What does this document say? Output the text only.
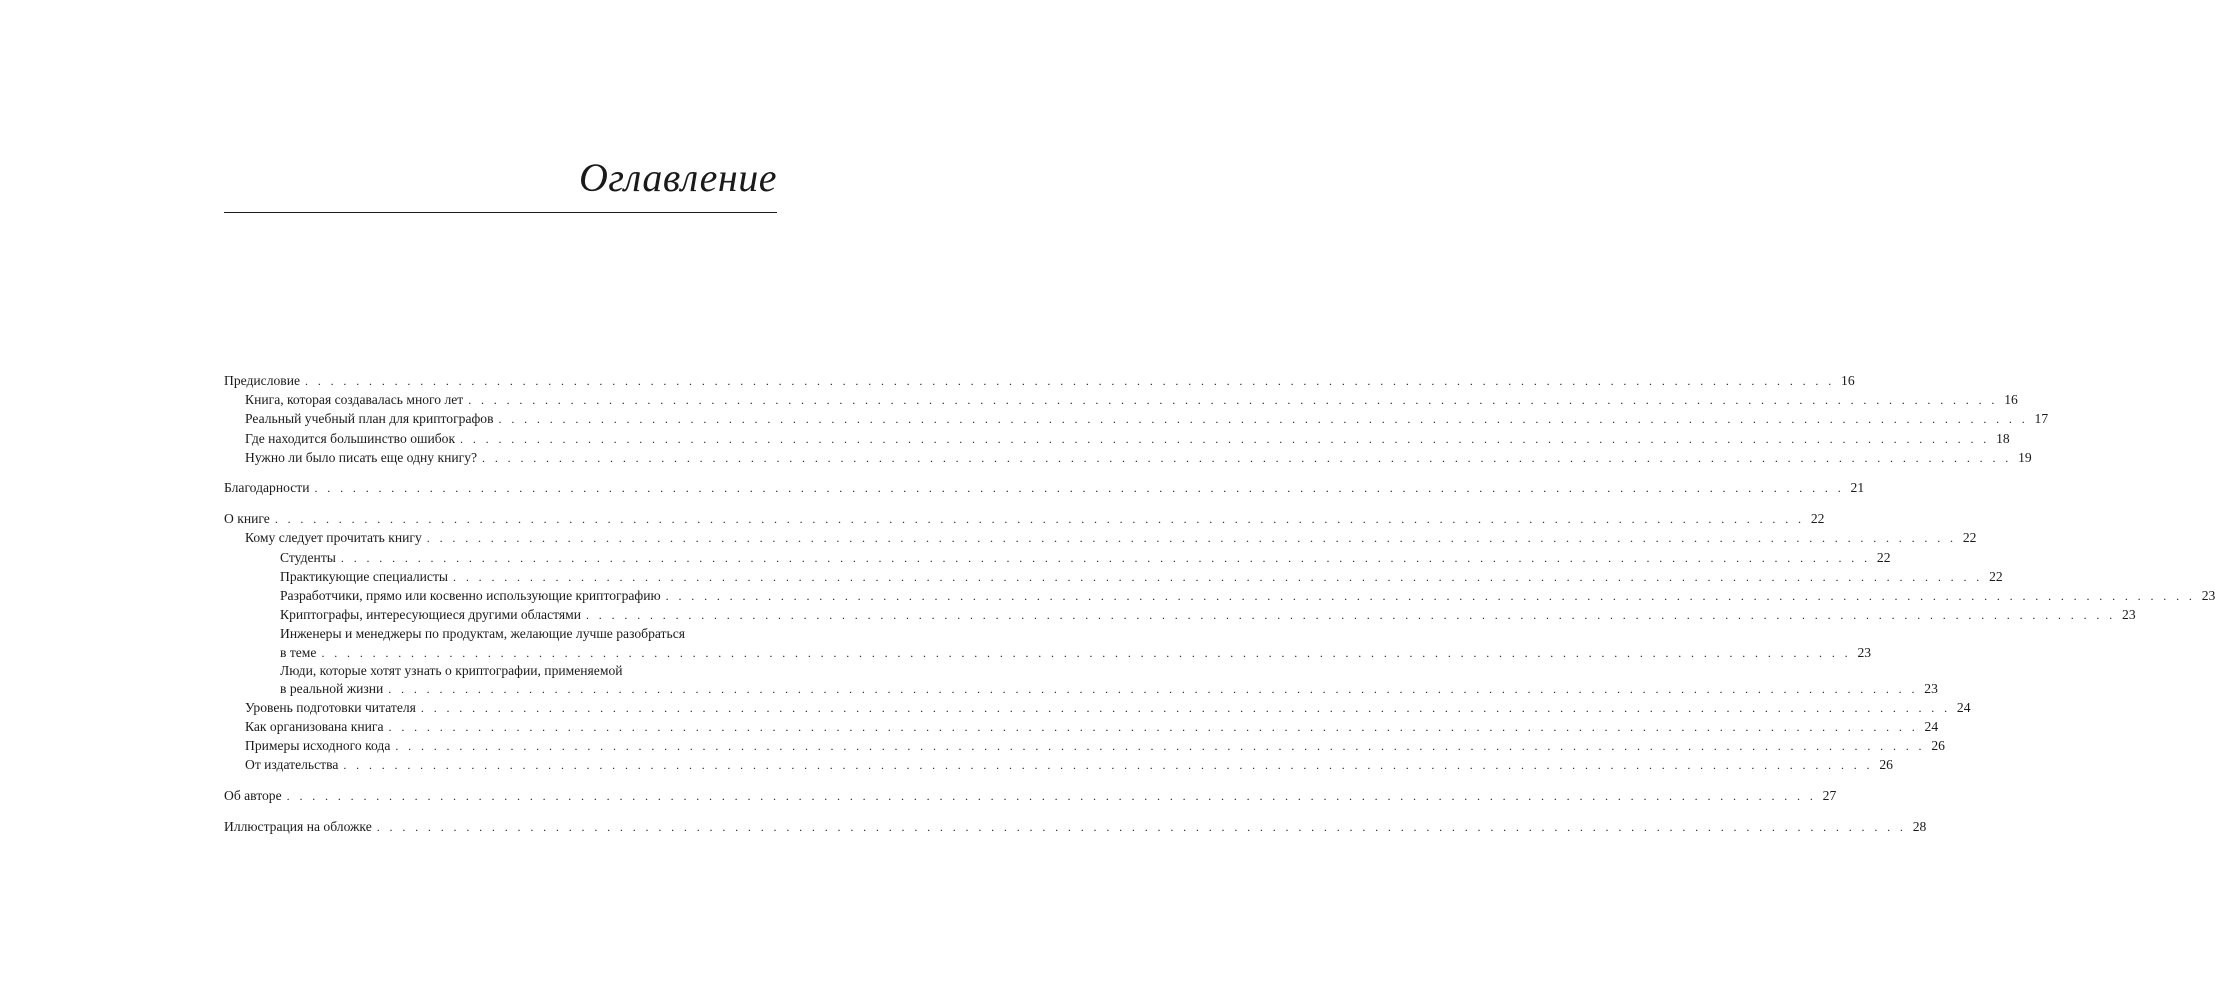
Оглавление
Предисловие . . . . . . . . . . . . . . . . . . . . . . . . . . . . . . . . . . . . . . . . . . . . . . . . . . . . . . . . . . . . . . . . . . . . . . . . . . . . . . . . . . . . . . . . . . . . . . . . . . . . . . . . . . . . . . . . . . . . . . . . 16
Книга, которая создавалась много лет . . . . . . . . . . . . . . . . . . . . . . . . . . . . . . . . . . . . . . . . . . . . . . . . . . . . . . . . . . . . . . . . . . . . . . . . . . . . . . . . . . . . . . . . . . . . . . . . . . . . . . . . . . . . . . . . . . . . . . . . 16
Реальный учебный план для криптографов . . . . . . . . . . . . . . . . . . . . . . . . . . . . . . . . . . . . . . . . . . . . . . . . . . . . . . . . . . . . . . . . . . . . . . . . . . . . . . . . . . . . . . . . . . . . . . . . . . . . . . . . . . . . . . . . . . . . . . . . 17
Где находится большинство ошибок . . . . . . . . . . . . . . . . . . . . . . . . . . . . . . . . . . . . . . . . . . . . . . . . . . . . . . . . . . . . . . . . . . . . . . . . . . . . . . . . . . . . . . . . . . . . . . . . . . . . . . . . . . . . . . . . . . . . . . . . 18
Нужно ли было писать еще одну книгу? . . . . . . . . . . . . . . . . . . . . . . . . . . . . . . . . . . . . . . . . . . . . . . . . . . . . . . . . . . . . . . . . . . . . . . . . . . . . . . . . . . . . . . . . . . . . . . . . . . . . . . . . . . . . . . . . . . . . . . . . 19
Благодарности . . . . . . . . . . . . . . . . . . . . . . . . . . . . . . . . . . . . . . . . . . . . . . . . . . . . . . . . . . . . . . . . . . . . . . . . . . . . . . . . . . . . . . . . . . . . . . . . . . . . . . . . . . . . . . . . . . . . . . . . 21
О книге . . . . . . . . . . . . . . . . . . . . . . . . . . . . . . . . . . . . . . . . . . . . . . . . . . . . . . . . . . . . . . . . . . . . . . . . . . . . . . . . . . . . . . . . . . . . . . . . . . . . . . . . . . . . . . . . . . . . . . . . 22
Кому следует прочитать книгу . . . . . . . . . . . . . . . . . . . . . . . . . . . . . . . . . . . . . . . . . . . . . . . . . . . . . . . . . . . . . . . . . . . . . . . . . . . . . . . . . . . . . . . . . . . . . . . . . . . . . . . . . . . . . . . . . . . . . . . . 22
Студенты . . . . . . . . . . . . . . . . . . . . . . . . . . . . . . . . . . . . . . . . . . . . . . . . . . . . . . . . . . . . . . . . . . . . . . . . . . . . . . . . . . . . . . . . . . . . . . . . . . . . . . . . . . . . . . . . . . . . . . . . 22
Практикующие специалисты . . . . . . . . . . . . . . . . . . . . . . . . . . . . . . . . . . . . . . . . . . . . . . . . . . . . . . . . . . . . . . . . . . . . . . . . . . . . . . . . . . . . . . . . . . . . . . . . . . . . . . . . . . . . . . . . . . . . . . . . 22
Разработчики, прямо или косвенно использующие криптографию . . . . . . . . . . . . . . . . . . . . . . . . . . . . . . . . . . . . . . . . . . . . . . . . . . . . . . . . . . . . . . . . . . . . . . . . . . . . . . . . . . . . . . . . . . . . . . . . . . . . . . . . . . . . . . . . . . . . . . . . 23
Криптографы, интересующиеся другими областями . . . . . . . . . . . . . . . . . . . . . . . . . . . . . . . . . . . . . . . . . . . . . . . . . . . . . . . . . . . . . . . . . . . . . . . . . . . . . . . . . . . . . . . . . . . . . . . . . . . . . . . . . . . . . . . . . . . . . . . . 23
Инженеры и менеджеры по продуктам, желающие лучше разобраться
в теме . . . . . . . . . . . . . . . . . . . . . . . . . . . . . . . . . . . . . . . . . . . . . . . . . . . . . . . . . . . . . . . . . . . . . . . . . . . . . . . . . . . . . . . . . . . . . . . . . . . . . . . . . . . . . . . . . . . . . . . . 23
Люди, которые хотят узнать о криптографии, применяемой
в реальной жизни . . . . . . . . . . . . . . . . . . . . . . . . . . . . . . . . . . . . . . . . . . . . . . . . . . . . . . . . . . . . . . . . . . . . . . . . . . . . . . . . . . . . . . . . . . . . . . . . . . . . . . . . . . . . . . . . . . . . . . . . 23
Уровень подготовки читателя . . . . . . . . . . . . . . . . . . . . . . . . . . . . . . . . . . . . . . . . . . . . . . . . . . . . . . . . . . . . . . . . . . . . . . . . . . . . . . . . . . . . . . . . . . . . . . . . . . . . . . . . . . . . . . . . . . . . . . . . 24
Как организована книга . . . . . . . . . . . . . . . . . . . . . . . . . . . . . . . . . . . . . . . . . . . . . . . . . . . . . . . . . . . . . . . . . . . . . . . . . . . . . . . . . . . . . . . . . . . . . . . . . . . . . . . . . . . . . . . . . . . . . . . . 24
Примеры исходного кода . . . . . . . . . . . . . . . . . . . . . . . . . . . . . . . . . . . . . . . . . . . . . . . . . . . . . . . . . . . . . . . . . . . . . . . . . . . . . . . . . . . . . . . . . . . . . . . . . . . . . . . . . . . . . . . . . . . . . . . . 26
От издательства . . . . . . . . . . . . . . . . . . . . . . . . . . . . . . . . . . . . . . . . . . . . . . . . . . . . . . . . . . . . . . . . . . . . . . . . . . . . . . . . . . . . . . . . . . . . . . . . . . . . . . . . . . . . . . . . . . . . . . . . 26
Об авторе . . . . . . . . . . . . . . . . . . . . . . . . . . . . . . . . . . . . . . . . . . . . . . . . . . . . . . . . . . . . . . . . . . . . . . . . . . . . . . . . . . . . . . . . . . . . . . . . . . . . . . . . . . . . . . . . . . . . . . . . 27
Иллюстрация на обложке . . . . . . . . . . . . . . . . . . . . . . . . . . . . . . . . . . . . . . . . . . . . . . . . . . . . . . . . . . . . . . . . . . . . . . . . . . . . . . . . . . . . . . . . . . . . . . . . . . . . . . . . . . . . . . . . . . . . . . . . 28
